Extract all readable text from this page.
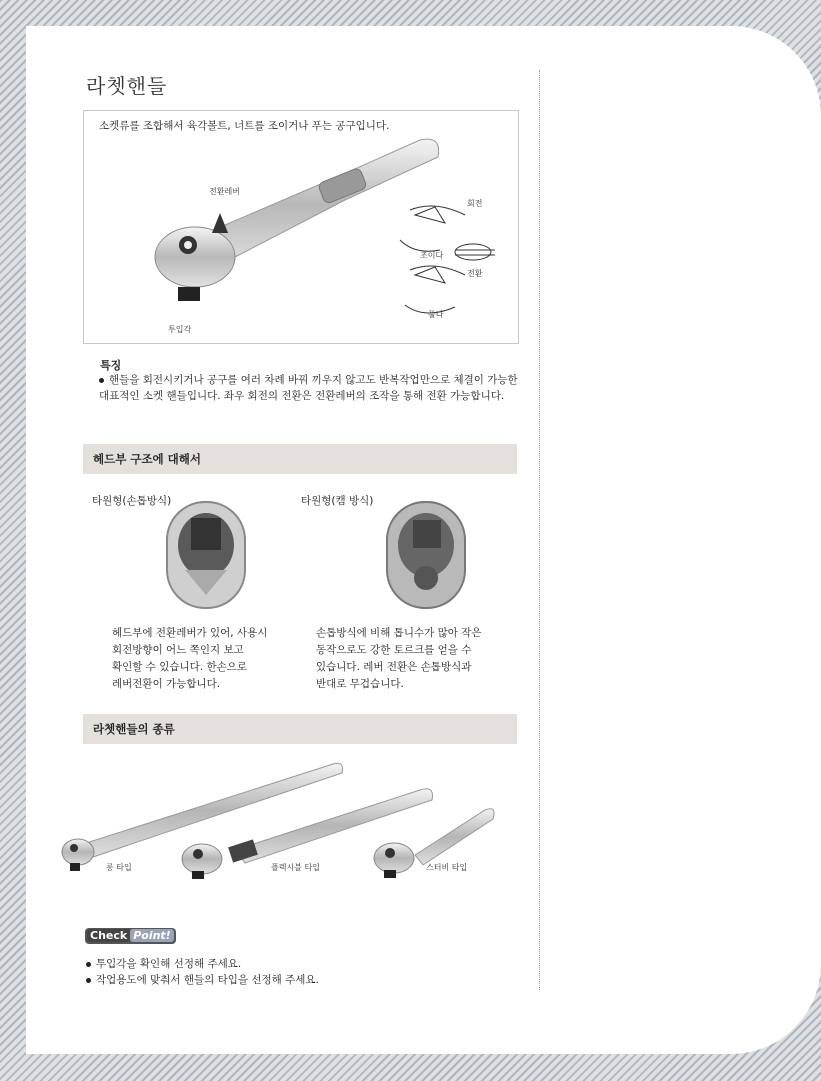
라쳇핸들
소켓류를 조합해서 육각볼트, 너트를 조이거나 푸는 공구입니다.
전환레버
투입각
회전
조이다
전환
풀다
특징
핸들을 회전시키거나 공구를 여러 차례 바꿔 끼우지 않고도 반복작업만으로 체결이 가능한 대표적인 소켓 핸들입니다. 좌우 회전의 전환은 전환레버의 조작을 통해 전환 가능합니다.
헤드부 구조에 대해서
타원형(손톱방식)	타원형(캠 방식)
헤드부에 전환레버가 있어, 사용시
회전방향이 어느 쪽인지 보고
확인할 수 있습니다. 한손으로
레버전환이 가능합니다.
손톱방식에 비해 톱니수가 많아 작은
동작으로도 강한 토르크를 얻을 수
있습니다. 레버 전환은 손톱방식과
반대로 무겁습니다.
라쳇핸들의 종류
롱 타입	플렉시블 타입	스터비 타입
Check Point!
투입각을 확인해 선정해 주세요.
작업용도에 맞춰서 핸들의 타입을 선정해 주세요.
